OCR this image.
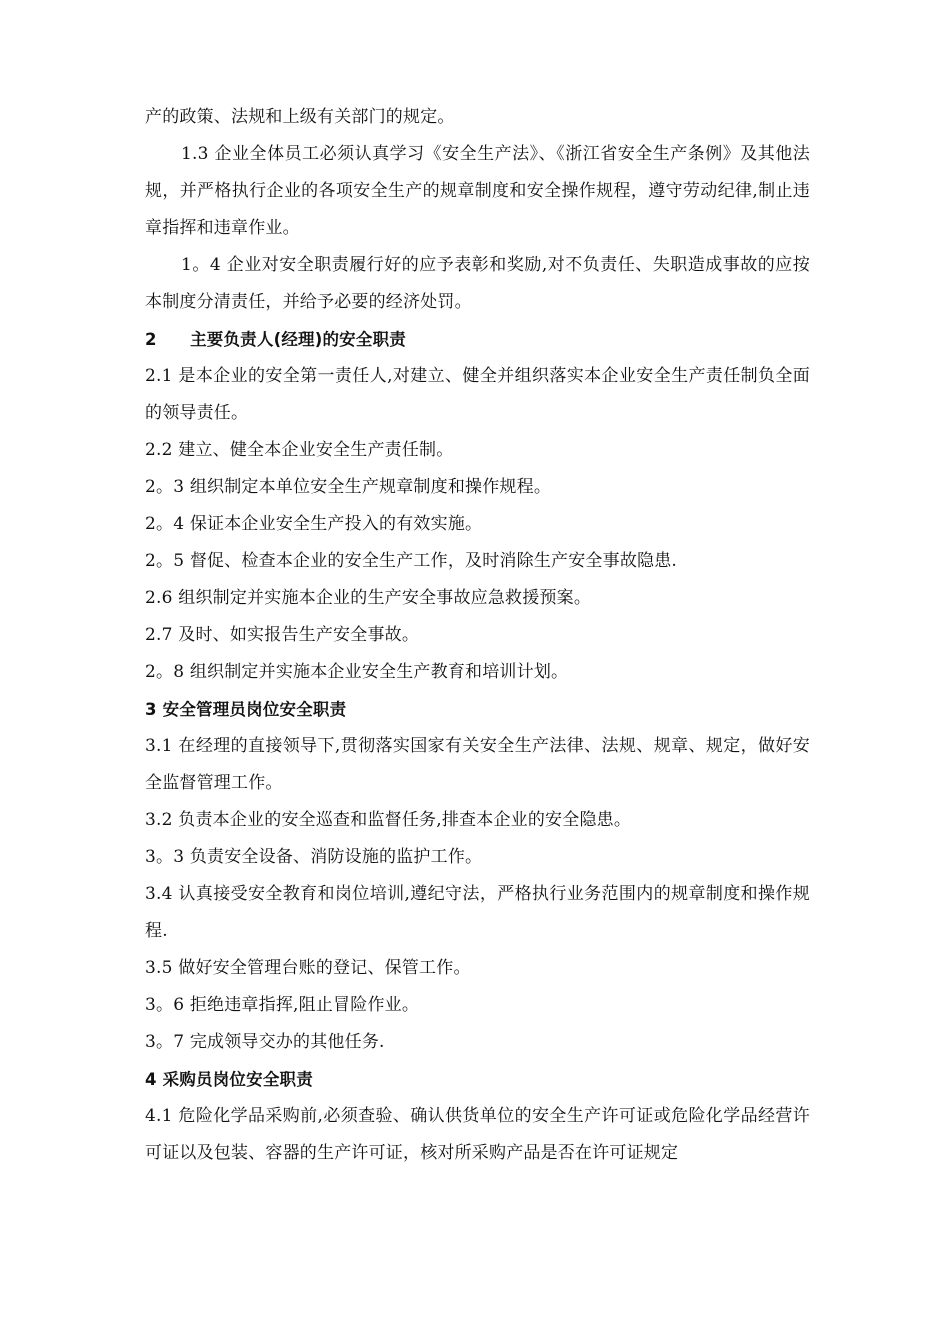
产的政策、法规和上级有关部门的规定。

1.3 企业全体员工必须认真学习《安全生产法》、《浙江省安全生产条例》及其他法规，并严格执行企业的各项安全生产的规章制度和安全操作规程，遵守劳动纪律,制止违章指挥和违章作业。

1。4 企业对安全职责履行好的应予表彰和奖励,对不负责任、失职造成事故的应按本制度分清责任，并给予必要的经济处罚。

2　　主要负责人(经理)的安全职责

2.1 是本企业的安全第一责任人,对建立、健全并组织落实本企业安全生产责任制负全面的领导责任。

2.2 建立、健全本企业安全生产责任制。

2。3 组织制定本单位安全生产规章制度和操作规程。

2。4 保证本企业安全生产投入的有效实施。

2。5 督促、检查本企业的安全生产工作，及时消除生产安全事故隐患.

2.6 组织制定并实施本企业的生产安全事故应急救援预案。

2.7 及时、如实报告生产安全事故。

2。8 组织制定并实施本企业安全生产教育和培训计划。

3 安全管理员岗位安全职责

3.1 在经理的直接领导下,贯彻落实国家有关安全生产法律、法规、规章、规定，做好安全监督管理工作。

3.2 负责本企业的安全巡查和监督任务,排查本企业的安全隐患。

3。3 负责安全设备、消防设施的监护工作。

3.4 认真接受安全教育和岗位培训,遵纪守法，严格执行业务范围内的规章制度和操作规程.

3.5 做好安全管理台账的登记、保管工作。

3。6 拒绝违章指挥,阻止冒险作业。

3。7 完成领导交办的其他任务.

4 采购员岗位安全职责

4.1 危险化学品采购前,必须查验、确认供货单位的安全生产许可证或危险化学品经营许可证以及包装、容器的生产许可证，核对所采购产品是否在许可证规定
